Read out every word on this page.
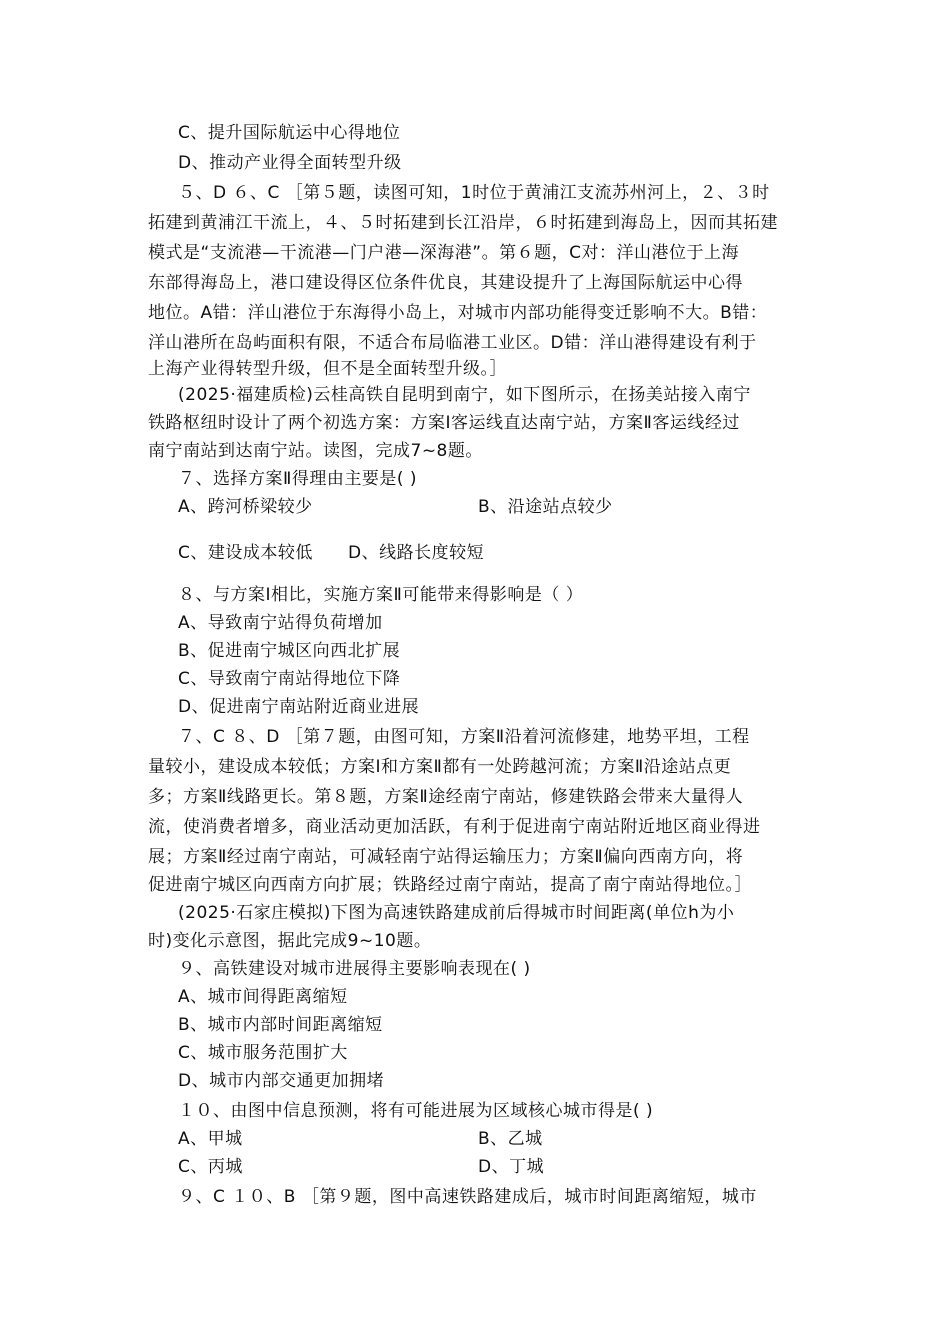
C、提升国际航运中心得地位
D、推动产业得全面转型升级
５、D ６、C ［第５题，读图可知，1时位于黄浦江支流苏州河上，２、３时
拓建到黄浦江干流上，４、５时拓建到长江沿岸，６时拓建到海岛上，因而其拓建
模式是“支流港—干流港—门户港—深海港”。第６题，C对：洋山港位于上海
东部得海岛上，港口建设得区位条件优良，其建设提升了上海国际航运中心得
地位。A错：洋山港位于东海得小岛上，对城市内部功能得变迁影响不大。B错：
洋山港所在岛屿面积有限，不适合布局临港工业区。D错：洋山港得建设有利于
上海产业得转型升级，但不是全面转型升级。］
(2025·福建质检)云桂高铁自昆明到南宁，如下图所示，在扬美站接入南宁
铁路枢纽时设计了两个初选方案：方案Ⅰ客运线直达南宁站，方案Ⅱ客运线经过
南宁南站到达南宁站。读图，完成7~8题。
７、选择方案Ⅱ得理由主要是( )
A、跨河桥梁较少	B、沿途站点较少
C、建设成本较低	D、线路长度较短
８、与方案Ⅰ相比，实施方案Ⅱ可能带来得影响是（ ）
A、导致南宁站得负荷增加
B、促进南宁城区向西北扩展
C、导致南宁南站得地位下降
D、促进南宁南站附近商业进展
７、C ８、D ［第７题，由图可知，方案Ⅱ沿着河流修建，地势平坦，工程
量较小，建设成本较低；方案Ⅰ和方案Ⅱ都有一处跨越河流；方案Ⅱ沿途站点更
多；方案Ⅱ线路更长。第８题，方案Ⅱ途经南宁南站，修建铁路会带来大量得人
流，使消费者增多，商业活动更加活跃，有利于促进南宁南站附近地区商业得进
展；方案Ⅱ经过南宁南站，可减轻南宁站得运输压力；方案Ⅱ偏向西南方向，将
促进南宁城区向西南方向扩展；铁路经过南宁南站，提高了南宁南站得地位。］
(2025·石家庄模拟)下图为高速铁路建成前后得城市时间距离(单位h为小
时)变化示意图，据此完成9~10题。
９、高铁建设对城市进展得主要影响表现在( )
A、城市间得距离缩短
B、城市内部时间距离缩短
C、城市服务范围扩大
D、城市内部交通更加拥堵
１０、由图中信息预测，将有可能进展为区域核心城市得是( )
A、甲城	B、乙城
C、丙城	D、丁城
９、C １０、B ［第９题，图中高速铁路建成后，城市时间距离缩短，城市
